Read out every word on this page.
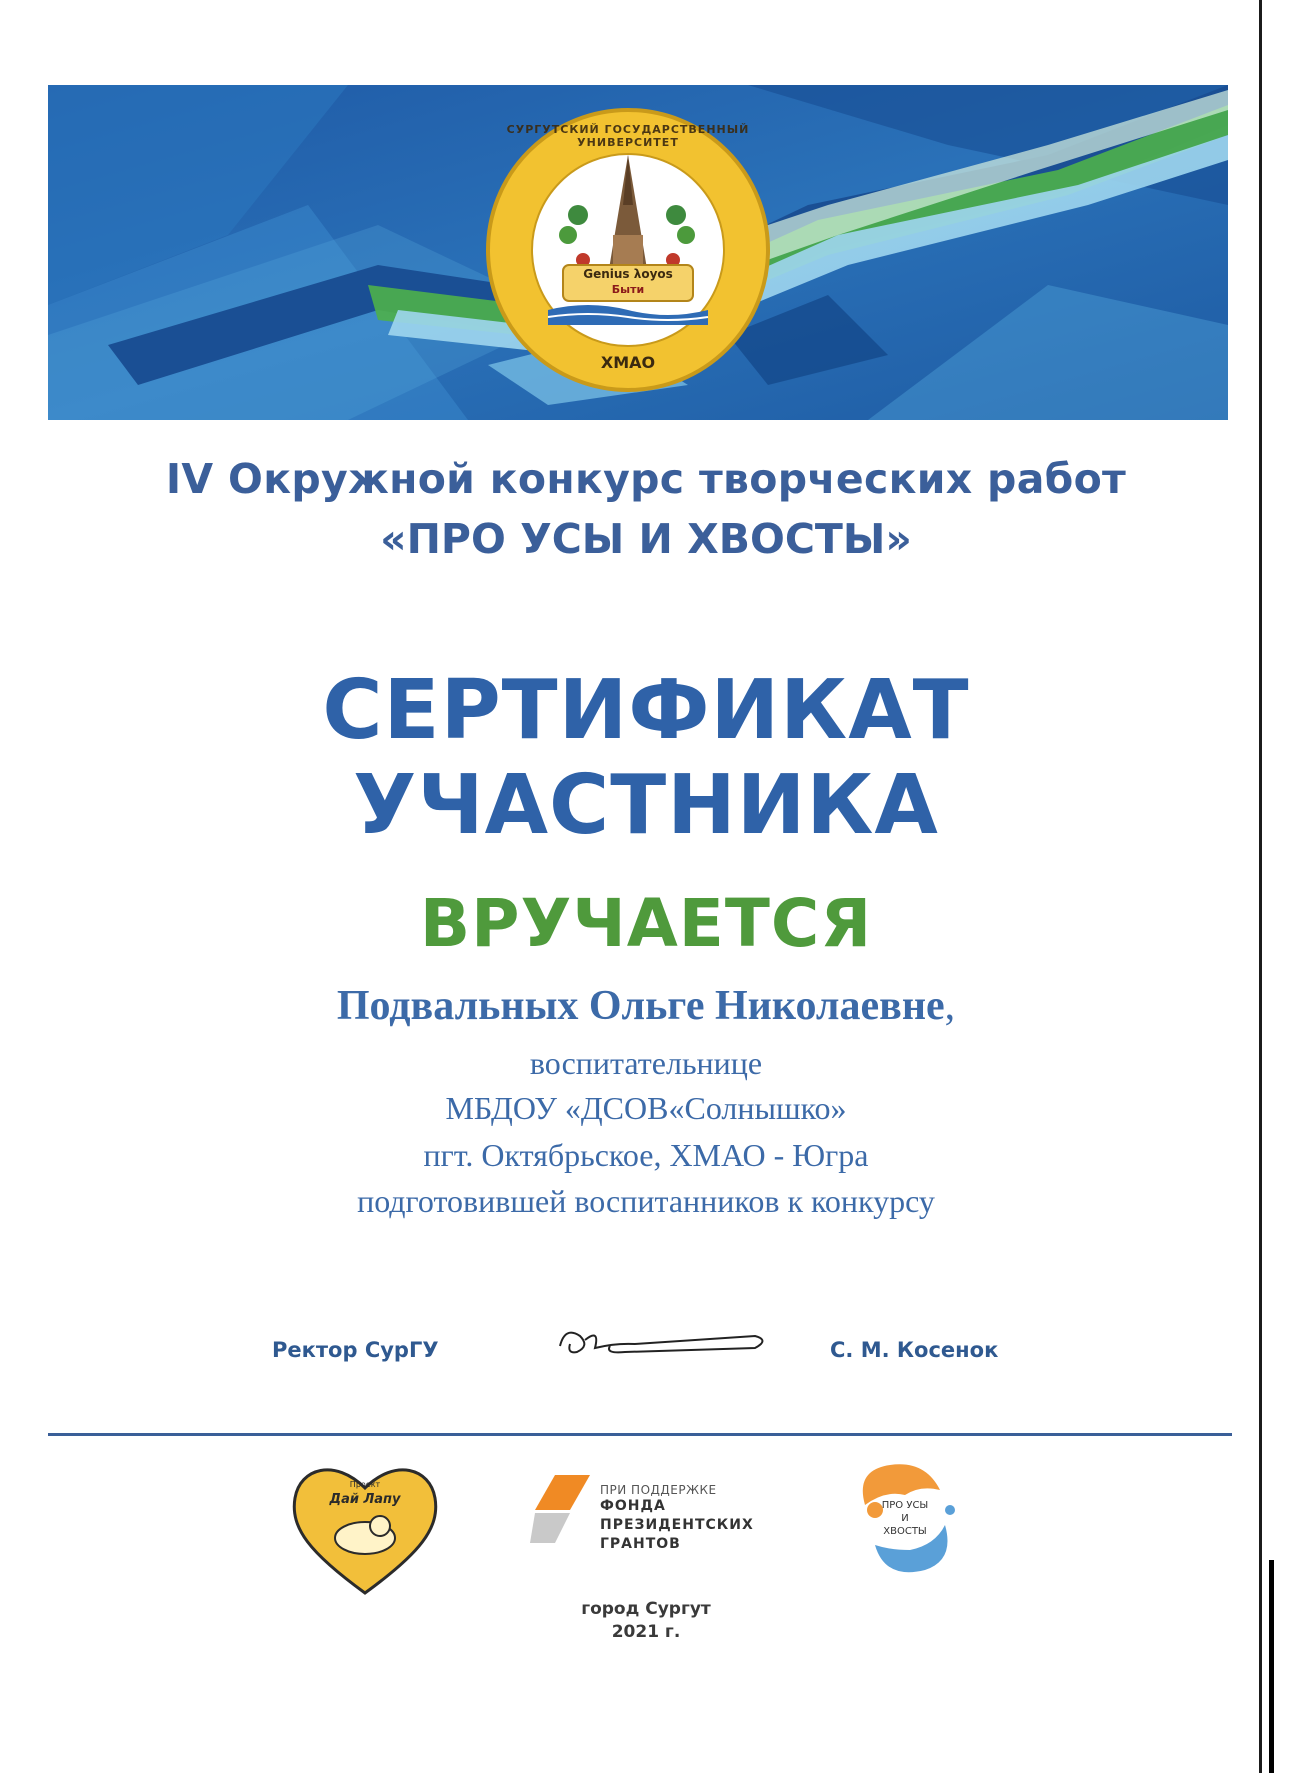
СУРГУТСКИЙ ГОСУДАРСТВЕННЫЙ УНИВЕРСИТЕТ
Genius λoyos
Быти
ХМАО
IV Окружной конкурс творческих работ
«ПРО УСЫ И ХВОСТЫ»
СЕРТИФИКАТ
УЧАСТНИКА
ВРУЧАЕТСЯ
Подвальных Ольге Николаевне,
воспитательнице
МБДОУ «ДСОВ«Солнышко»
пгт. Октябрьское, ХМАО - Югра
подготовившей воспитанников к конкурсу
Ректор СурГУ	С. М. Косенок
Проект
Дай Лапу
ПРИ ПОДДЕРЖКЕ
ФОНДА
ПРЕЗИДЕНТСКИХ
ГРАНТОВ
ПРО УСЫ
И
ХВОСТЫ
город Сургут
2021 г.
